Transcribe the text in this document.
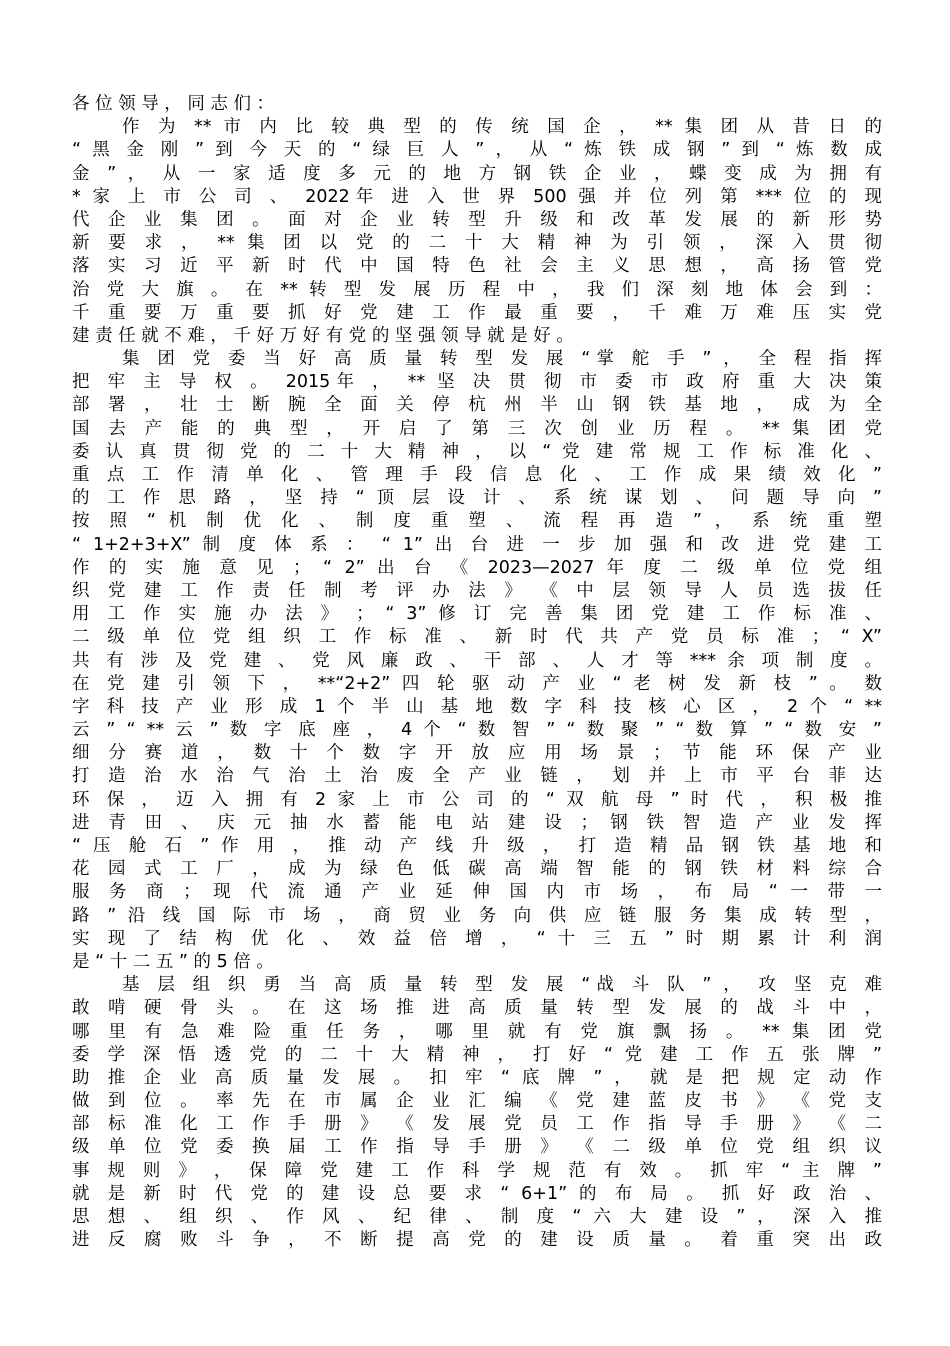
各 位 领 导 ， 同 志 们 ：
作 为 ** 市 内 比 较 典 型 的 传 统 国 企 ， ** 集 团 从 昔 日 的
“ 黑 金 刚 ” 到 今 天 的 “ 绿 巨 人 ” ， 从 “ 炼 铁 成 钢 ” 到 “ 炼 数 成
金 ” ， 从 一 家 适 度 多 元 的 地 方 钢 铁 企 业 ， 蝶 变 成 为 拥 有
* 家 上 市 公 司 、 2022年 进 入 世 界 500 强 并 位 列 第 *** 位 的 现
代 企 业 集 团 。 面 对 企 业 转 型 升 级 和 改 革 发 展 的 新 形 势
新 要 求 ， ** 集 团 以 党 的 二 十 大 精 神 为 引 领 ， 深 入 贯 彻
落 实 习 近 平 新 时 代 中 国 特 色 社 会 主 义 思 想 ， 高 扬 管 党
治 党 大 旗 。 在 ** 转 型 发 展 历 程 中 ， 我 们 深 刻 地 体 会 到 ：
千 重 要 万 重 要 抓 好 党 建 工 作 最 重 要 ， 千 难 万 难 压 实 党
建 责 任 就 不 难 ， 千 好 万 好 有 党 的 坚 强 领 导 就 是 好 。
集 团 党 委 当 好 高 质 量 转 型 发 展 “掌 舵 手 ” ， 全 程 指 挥
把 牢 主 导 权 。 2015年 ， ** 坚 决 贯 彻 市 委 市 政 府 重 大 决 策
部 署 ， 壮 士 断 腕 全 面 关 停 杭 州 半 山 钢 铁 基 地 ， 成 为 全
国 去 产 能 的 典 型 ， 开 启 了 第 三 次 创 业 历 程 。 ** 集 团 党
委 认 真 贯 彻 党 的 二 十 大 精 神 ， 以 “ 党 建 常 规 工 作 标 准 化 、
重 点 工 作 清 单 化 、 管 理 手 段 信 息 化 、 工 作 成 果 绩 效 化 ”
的 工 作 思 路 ， 坚 持 “ 顶 层 设 计 、 系 统 谋 划 、 问 题 导 向 ”
按 照 “ 机 制 优 化 、 制 度 重 塑 、 流 程 再 造 ” ， 系 统 重 塑
“ 1+2+3+X” 制 度 体 系 ： “ 1” 出 台 进 一 步 加 强 和 改 进 党 建 工
作 的 实 施 意 见 ； “ 2” 出 台 《 2023—2027 年 度 二 级 单 位 党 组
织 党 建 工 作 责 任 制 考 评 办 法 》 《 中 层 领 导 人 员 选 拔 任
用 工 作 实 施 办 法 》 ； “ 3” 修 订 完 善 集 团 党 建 工 作 标 准 、
二 级 单 位 党 组 织 工 作 标 准 、 新 时 代 共 产 党 员 标 准 ； “ X”
共 有 涉 及 党 建 、 党 风 廉 政 、 干 部 、 人 才 等 *** 余 项 制 度 。
在 党 建 引 领 下 ， **“2+2” 四 轮 驱 动 产 业 “ 老 树 发 新 枝 ” 。 数
字 科 技 产 业 形 成 1 个 半 山 基 地 数 字 科 技 核 心 区 ， 2 个 “ **
云 ” “ ** 云 ” 数 字 底 座 ， 4 个 “ 数 智 ” “ 数 聚 ” “ 数 算 ” “ 数 安 ”
细 分 赛 道 ， 数 十 个 数 字 开 放 应 用 场 景 ； 节 能 环 保 产 业
打 造 治 水 治 气 治 土 治 废 全 产 业 链 ， 划 并 上 市 平 台 菲 达
环 保 ， 迈 入 拥 有 2 家 上 市 公 司 的 “ 双 航 母 ” 时 代 ， 积 极 推
进 青 田 、 庆 元 抽 水 蓄 能 电 站 建 设 ； 钢 铁 智 造 产 业 发 挥
“ 压 舱 石 ” 作 用 ， 推 动 产 线 升 级 ， 打 造 精 品 钢 铁 基 地 和
花 园 式 工 厂 ， 成 为 绿 色 低 碳 高 端 智 能 的 钢 铁 材 料 综 合
服 务 商 ； 现 代 流 通 产 业 延 伸 国 内 市 场 ， 布 局 “ 一 带 一
路 ” 沿 线 国 际 市 场 ， 商 贸 业 务 向 供 应 链 服 务 集 成 转 型 ，
实 现 了 结 构 优 化 、 效 益 倍 增 ， “ 十 三 五 ” 时 期 累 计 利 润
是 “ 十 二 五 ” 的 5 倍 。
基 层 组 织 勇 当 高 质 量 转 型 发 展 “战 斗 队 ” ， 攻 坚 克 难
敢 啃 硬 骨 头 。 在 这 场 推 进 高 质 量 转 型 发 展 的 战 斗 中 ，
哪 里 有 急 难 险 重 任 务 ， 哪 里 就 有 党 旗 飘 扬 。 ** 集 团 党
委 学 深 悟 透 党 的 二 十 大 精 神 ， 打 好 “ 党 建 工 作 五 张 牌 ”
助 推 企 业 高 质 量 发 展 。 扣 牢 “ 底 牌 ” ， 就 是 把 规 定 动 作
做 到 位 。 率 先 在 市 属 企 业 汇 编 《 党 建 蓝 皮 书 》 《 党 支
部 标 准 化 工 作 手 册 》 《 发 展 党 员 工 作 指 导 手 册 》 《 二
级 单 位 党 委 换 届 工 作 指 导 手 册 》 《 二 级 单 位 党 组 织 议
事 规 则 》 ， 保 障 党 建 工 作 科 学 规 范 有 效 。 抓 牢 “ 主 牌 ”
就 是 新 时 代 党 的 建 设 总 要 求 “ 6+1” 的 布 局 。 抓 好 政 治 、
思 想 、 组 织 、 作 风 、 纪 律 、 制 度 “ 六 大 建 设 ” ， 深 入 推
进 反 腐 败 斗 争 ， 不 断 提 高 党 的 建 设 质 量 。 着 重 突 出 政
